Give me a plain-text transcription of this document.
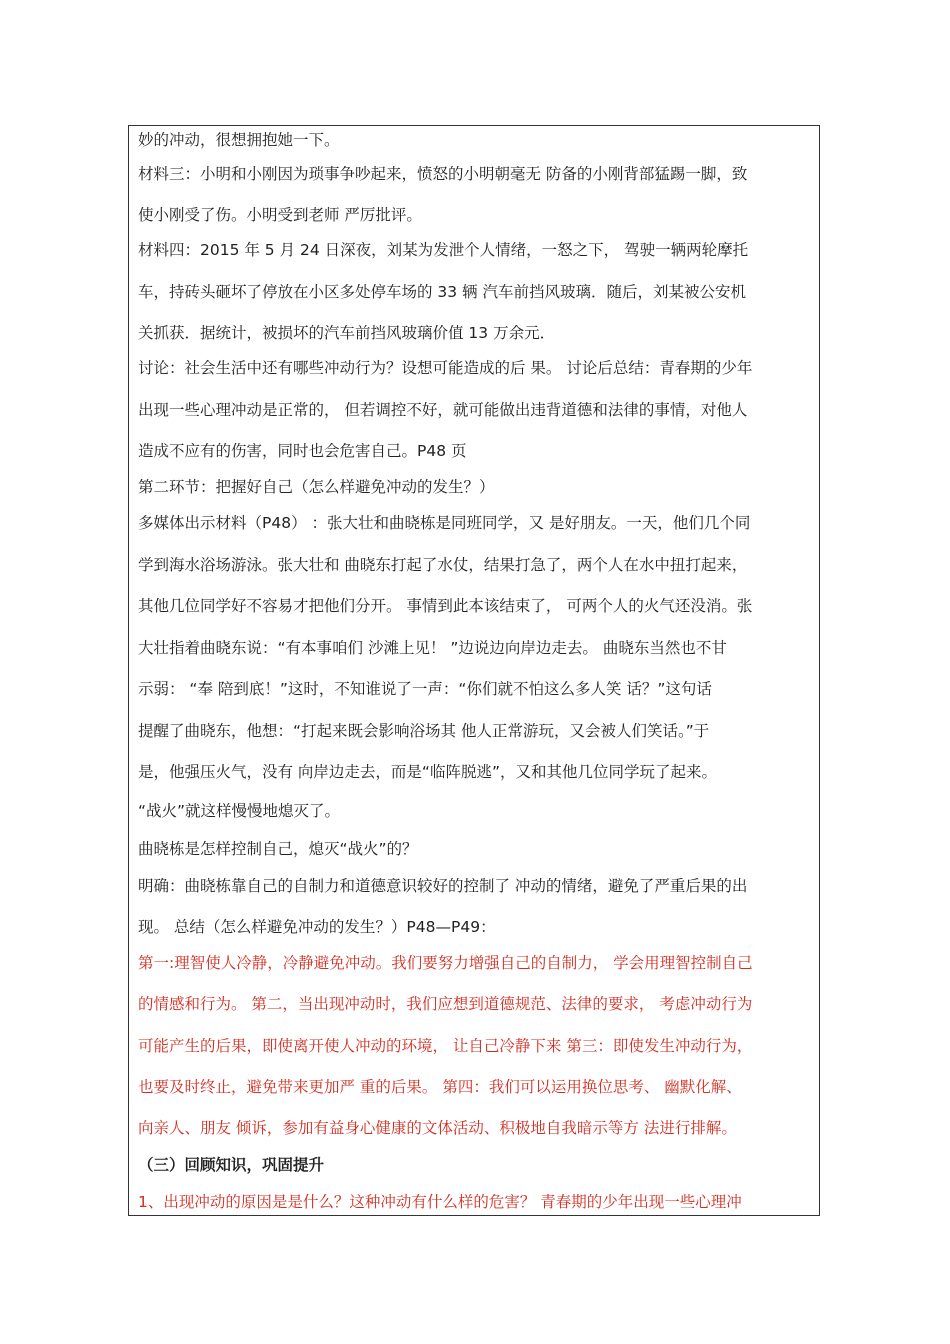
妙的冲动，很想拥抱她一下。

材料三：小明和小刚因为琐事争吵起来，愤怒的小明朝毫无 防备的小刚背部猛踢一脚，致

使小刚受了伤。小明受到老师 严厉批评。

材料四：2015 年 5 月 24 日深夜，刘某为发泄个人情绪，一怒之下， 驾驶一辆两轮摩托

车，持砖头砸坏了停放在小区多处停车场的 33 辆 汽车前挡风玻璃．随后，刘某被公安机

关抓获．据统计，被损坏的汽车前挡风玻璃价值 13 万余元．

讨论：社会生活中还有哪些冲动行为？设想可能造成的后 果。 讨论后总结：青春期的少年

出现一些心理冲动是正常的， 但若调控不好，就可能做出违背道德和法律的事情，对他人

造成不应有的伤害，同时也会危害自己。P48 页

第二环节：把握好自己（怎么样避免冲动的发生？）

多媒体出示材料（P48） ：张大壮和曲晓栋是同班同学，又 是好朋友。一天，他们几个同

学到海水浴场游泳。张大壮和 曲晓东打起了水仗，结果打急了，两个人在水中扭打起来，

其他几位同学好不容易才把他们分开。 事情到此本该结束了， 可两个人的火气还没消。张

大壮指着曲晓东说：“有本事咱们 沙滩上见！ ”边说边向岸边走去。 曲晓东当然也不甘

示弱： “奉 陪到底！”这时，不知谁说了一声：“你们就不怕这么多人笑 话？”这句话

提醒了曲晓东，他想：“打起来既会影响浴场其 他人正常游玩，又会被人们笑话。”于

是，他强压火气，没有 向岸边走去，而是“临阵脱逃”，又和其他几位同学玩了起来。

“战火”就这样慢慢地熄灭了。

曲晓栋是怎样控制自己，熄灭“战火”的？

明确：曲晓栋靠自己的自制力和道德意识较好的控制了 冲动的情绪，避免了严重后果的出

现。 总结（怎么样避免冲动的发生？）P48—P49：

第一:理智使人冷静，冷静避免冲动。我们要努力增强自己的自制力， 学会用理智控制自己

的情感和行为。 第二，当出现冲动时，我们应想到道德规范、法律的要求， 考虑冲动行为

可能产生的后果，即使离开使人冲动的环境， 让自己冷静下来 第三：即使发生冲动行为，

也要及时终止，避免带来更加严 重的后果。 第四：我们可以运用换位思考、 幽默化解、

向亲人、朋友 倾诉，参加有益身心健康的文体活动、积极地自我暗示等方 法进行排解。

（三）回顾知识，巩固提升

1、出现冲动的原因是是什么？这种冲动有什么样的危害？ 青春期的少年出现一些心理冲
